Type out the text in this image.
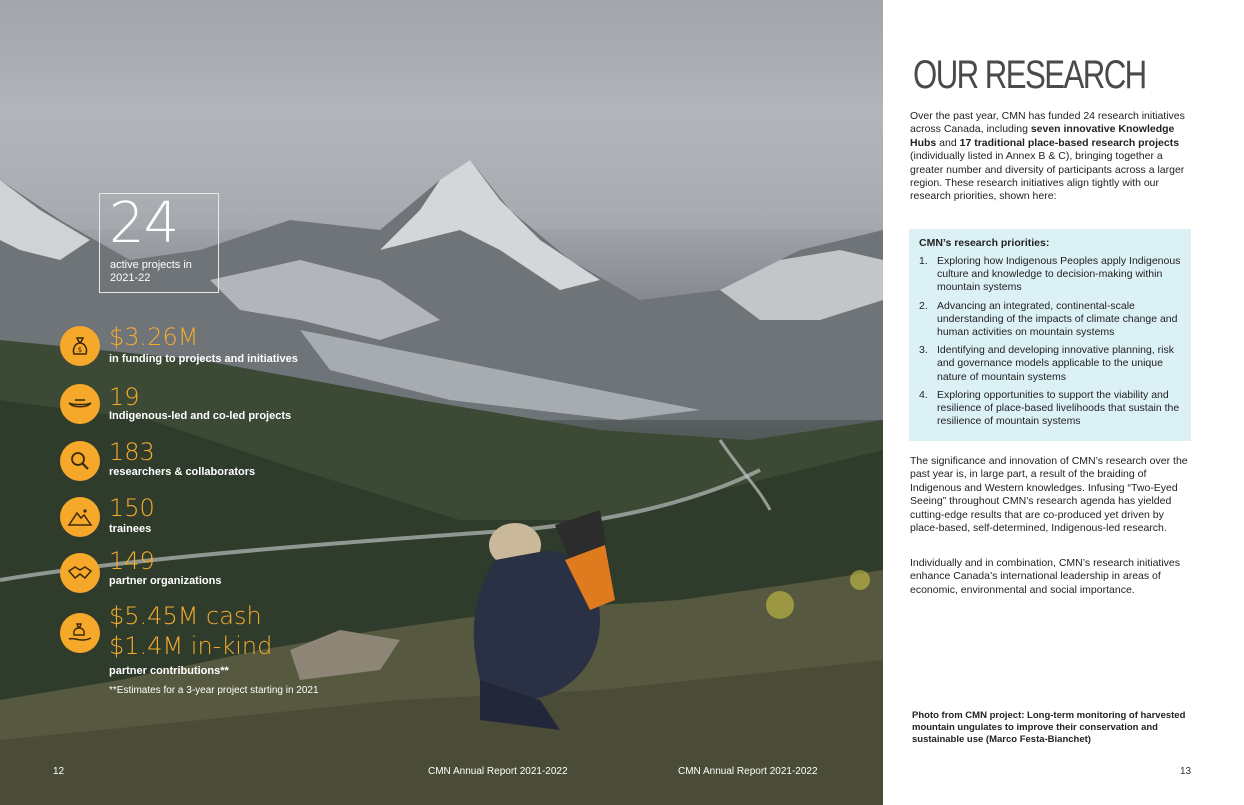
24
active projects in 2021-22
$ $3.26M
in funding to projects and initiatives
19
Indigenous-led and co-led projects
183
researchers & collaborators
150
trainees
149
partner organizations
$5.45M cash
$1.4M in-kind
partner contributions**
**Estimates for a 3-year project starting in 2021
12	CMN Annual Report 2021-2022
OUR RESEARCH
Over the past year, CMN has funded 24 research initiatives across Canada, including seven innovative Knowledge Hubs and 17 traditional place-based research projects (individually listed in Annex B & C), bringing together a greater number and diversity of participants across a larger region. These research initiatives align tightly with our research priorities, shown here:
CMN’s research priorities:
1. Exploring how Indigenous Peoples apply Indigenous culture and knowledge to decision-making within mountain systems
2. Advancing an integrated, continental-scale understanding of the impacts of climate change and human activities on mountain systems
3. Identifying and developing innovative planning, risk and governance models applicable to the unique nature of mountain systems
4. Exploring opportunities to support the viability and resilience of place-based livelihoods that sustain the resilience of mountain systems
The significance and innovation of CMN’s research over the past year is, in large part, a result of the braiding of Indigenous and Western knowledges. Infusing “Two-Eyed Seeing” throughout CMN’s research agenda has yielded cutting-edge results that are co-produced yet driven by place-based, self-determined, Indigenous-led research.
Individually and in combination, CMN’s research initiatives enhance Canada’s international leadership in areas of economic, environmental and social importance.
Photo from CMN project: Long-term monitoring of harvested mountain ungulates to improve their conservation and sustainable use (Marco Festa-Bianchet)
CMN Annual Report 2021-2022	13
